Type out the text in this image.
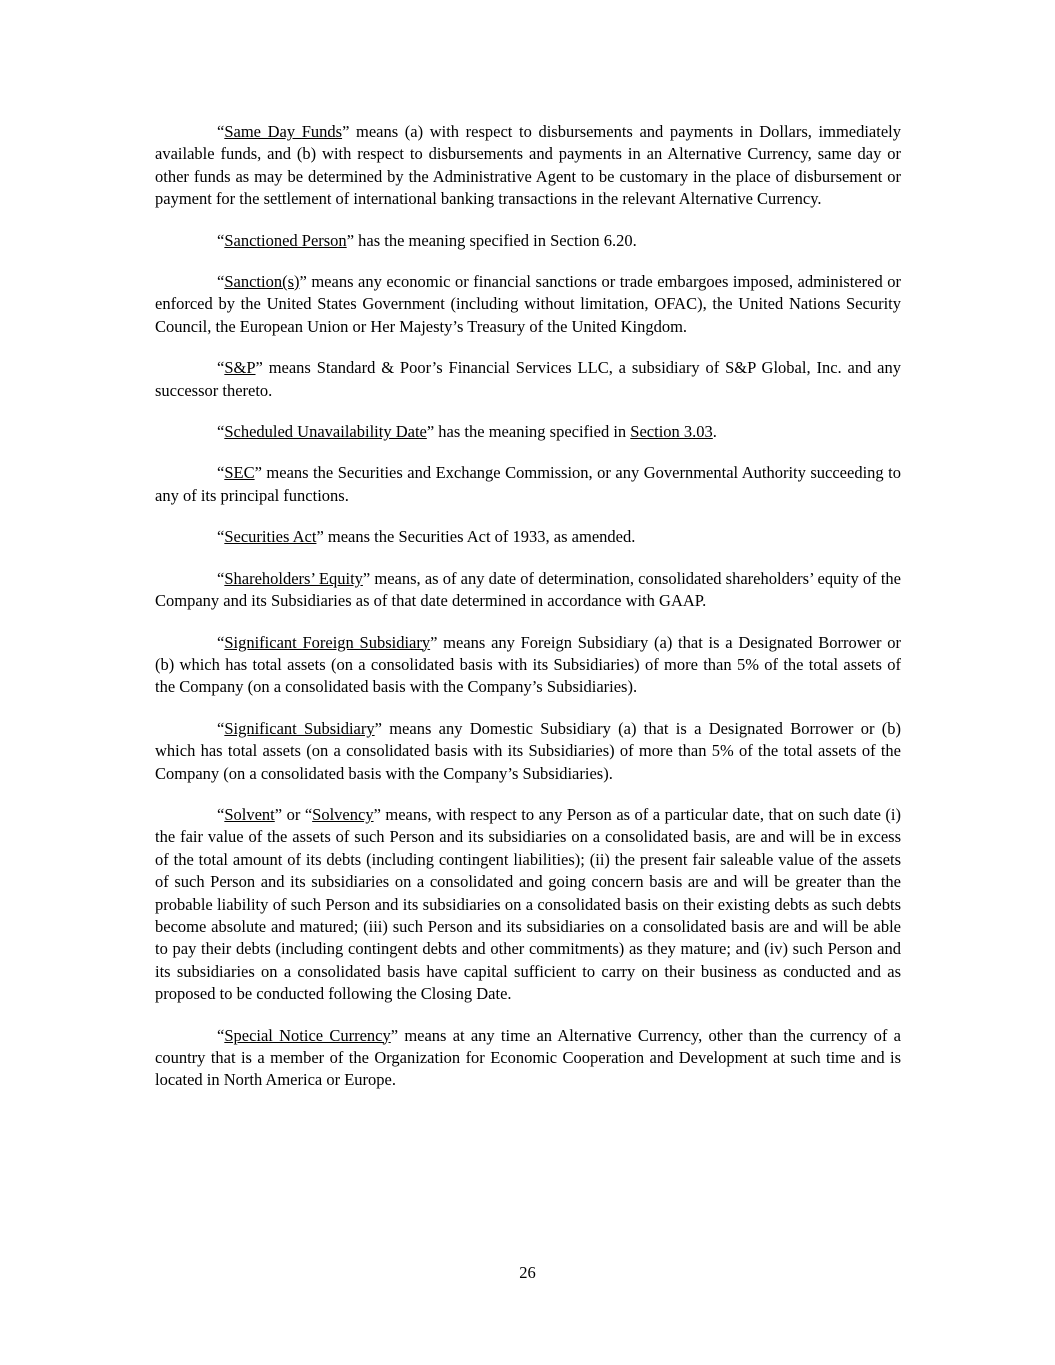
“Same Day Funds” means (a) with respect to disbursements and payments in Dollars, immediately available funds, and (b) with respect to disbursements and payments in an Alternative Currency, same day or other funds as may be determined by the Administrative Agent to be customary in the place of disbursement or payment for the settlement of international banking transactions in the relevant Alternative Currency.

“Sanctioned Person” has the meaning specified in Section 6.20.

“Sanction(s)” means any economic or financial sanctions or trade embargoes imposed, administered or enforced by the United States Government (including without limitation, OFAC), the United Nations Security Council, the European Union or Her Majesty’s Treasury of the United Kingdom.

“S&P” means Standard & Poor’s Financial Services LLC, a subsidiary of S&P Global, Inc. and any successor thereto.

“Scheduled Unavailability Date” has the meaning specified in Section 3.03.

“SEC” means the Securities and Exchange Commission, or any Governmental Authority succeeding to any of its principal functions.

“Securities Act” means the Securities Act of 1933, as amended.

“Shareholders’ Equity” means, as of any date of determination, consolidated shareholders’ equity of the Company and its Subsidiaries as of that date determined in accordance with GAAP.

“Significant Foreign Subsidiary” means any Foreign Subsidiary (a) that is a Designated Borrower or (b) which has total assets (on a consolidated basis with its Subsidiaries) of more than 5% of the total assets of the Company (on a consolidated basis with the Company’s Subsidiaries).

“Significant Subsidiary” means any Domestic Subsidiary (a) that is a Designated Borrower or (b) which has total assets (on a consolidated basis with its Subsidiaries) of more than 5% of the total assets of the Company (on a consolidated basis with the Company’s Subsidiaries).

“Solvent” or “Solvency” means, with respect to any Person as of a particular date, that on such date (i) the fair value of the assets of such Person and its subsidiaries on a consolidated basis, are and will be in excess of the total amount of its debts (including contingent liabilities); (ii) the present fair saleable value of the assets of such Person and its subsidiaries on a consolidated and going concern basis are and will be greater than the probable liability of such Person and its subsidiaries on a consolidated basis on their existing debts as such debts become absolute and matured; (iii) such Person and its subsidiaries on a consolidated basis are and will be able to pay their debts (including contingent debts and other commitments) as they mature; and (iv) such Person and its subsidiaries on a consolidated basis have capital sufficient to carry on their business as conducted and as proposed to be conducted following the Closing Date.

“Special Notice Currency” means at any time an Alternative Currency, other than the currency of a country that is a member of the Organization for Economic Cooperation and Development at such time and is located in North America or Europe.

26
